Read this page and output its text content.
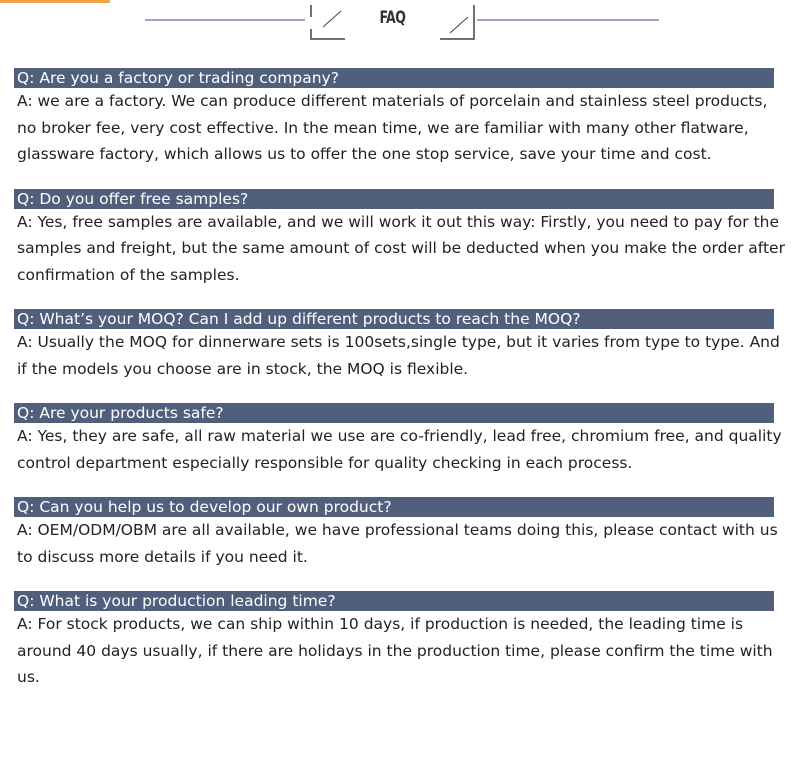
FAQ
Q: Are you a factory or trading company?
A: we are a factory. We can produce different materials of porcelain and stainless steel products, no broker fee, very cost effective. In the mean time, we are familiar with many other flatware, glassware factory, which allows us to offer the one stop service, save your time and cost.
Q: Do you offer free samples?
A: Yes, free samples are available, and we will work it out this way: Firstly, you need to pay for the samples and freight, but the same amount of cost will be deducted when you make the order after confirmation of the samples.
Q: What’s your MOQ? Can I add up different products to reach the MOQ?
A: Usually the MOQ for dinnerware sets is 100sets,single type, but it varies from type to type. And if the models you choose are in stock, the MOQ is flexible.
Q: Are your products safe?
A: Yes, they are safe, all raw material we use are co-friendly, lead free, chromium free, and quality control department especially responsible for quality checking in each process.
Q: Can you help us to develop our own product?
A: OEM/ODM/OBM are all available, we have professional teams doing this, please contact with us to discuss more details if you need it.
Q: What is your production leading time?
A: For stock products, we can ship within 10 days, if production is needed, the leading time is around 40 days usually, if there are holidays in the production time, please confirm the time with us.
